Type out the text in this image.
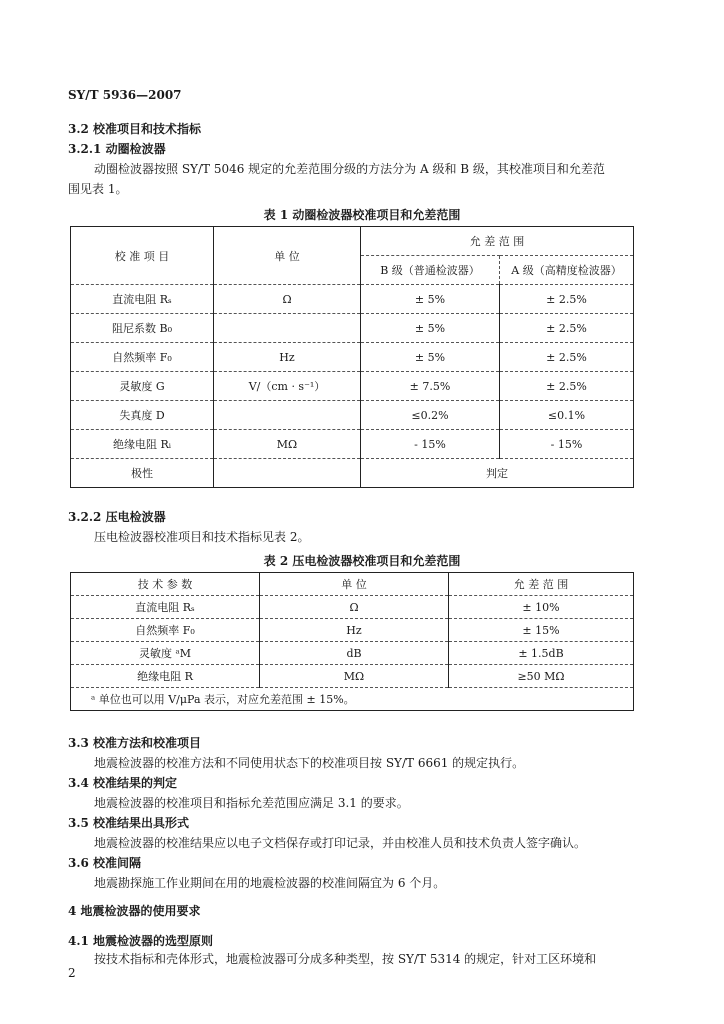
SY/T 5936—2007
3.2 校准项目和技术指标
3.2.1 动圈检波器
动圈检波器按照 SY/T 5046 规定的允差范围分级的方法分为 A 级和 B 级，其校准项目和允差范
围见表 1。
表 1 动圈检波器校准项目和允差范围
校 准 项 目	单 位	允 差 范 围	
		B 级（普通检波器）	A 级（高精度检波器）
直流电阻 Rₛ	Ω	± 5%	± 2.5%
阻尼系数 B₀		± 5%	± 2.5%
自然频率 F₀	Hz	± 5%	± 2.5%
灵敏度 G	V/（cm · s⁻¹）	± 7.5%	± 2.5%
失真度 D		≤0.2%	≤0.1%
绝缘电阻 Rᵢ	MΩ	- 15%	- 15%
极性		判定	
3.2.2 压电检波器
压电检波器校准项目和技术指标见表 2。
表 2 压电检波器校准项目和允差范围
技 术 参 数	单 位	允 差 范 围
直流电阻 Rₛ	Ω	± 10%
自然频率 F₀	Hz	± 15%
灵敏度 ᵃM	dB	± 1.5dB
绝缘电阻 R	MΩ	≥50 MΩ
ᵃ 单位也可以用 V/μPa 表示，对应允差范围 ± 15%。		
3.3 校准方法和校准项目
地震检波器的校准方法和不同使用状态下的校准项目按 SY/T 6661 的规定执行。
3.4 校准结果的判定
地震检波器的校准项目和指标允差范围应满足 3.1 的要求。
3.5 校准结果出具形式
地震检波器的校准结果应以电子文档保存或打印记录，并由校准人员和技术负责人签字确认。
3.6 校准间隔
地震勘探施工作业期间在用的地震检波器的校准间隔宜为 6 个月。
4 地震检波器的使用要求
4.1 地震检波器的选型原则
按技术指标和壳体形式，地震检波器可分成多种类型，按 SY/T 5314 的规定，针对工区环境和
2
